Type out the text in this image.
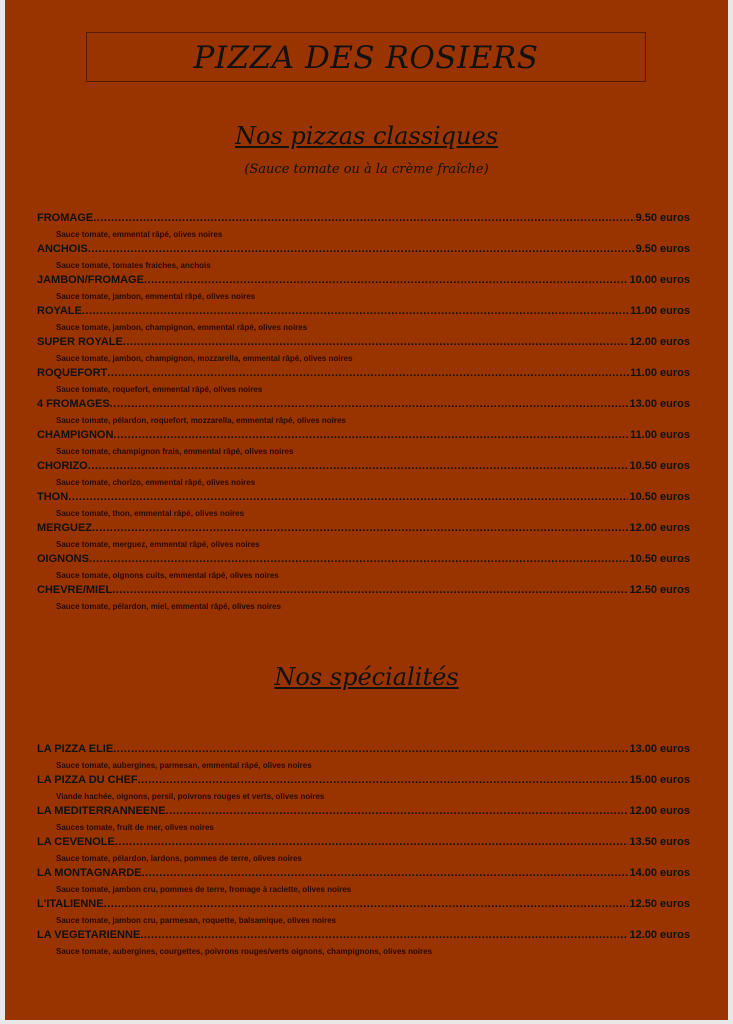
PIZZA DES ROSIERS
Nos pizzas classiques
(Sauce tomate ou à la crème fraîche)
FROMAGE .....	9.50 euros
Sauce tomate, emmental râpé, olives noires
ANCHOIS .....	9.50 euros
Sauce tomate, tomates fraiches, anchois
JAMBON/FROMAGE .....	10.00 euros
Sauce tomate, jambon, emmental râpé, olives noires
ROYALE .....	11.00 euros
Sauce tomate, jambon, champignon, emmental râpé, olives noires
SUPER ROYALE .....	12.00 euros
Sauce tomate, jambon, champignon, mozzarella, emmental râpé, olives noires
ROQUEFORT .....	11.00 euros
Sauce tomate, roquefort, emmental râpé, olives noires
4 FROMAGES .....	13.00 euros
Sauce tomate, pélardon, roquefort, mozzarella, emmental râpé, olives noires
CHAMPIGNON .....	11.00 euros
Sauce tomate, champignon frais, emmental râpé, olives noires
CHORIZO .....	10.50 euros
Sauce tomate, chorizo, emmental râpé, olives noires
THON .....	10.50 euros
Sauce tomate, thon, emmental râpé, olives noires
MERGUEZ .....	12.00 euros
Sauce tomate, merguez, emmental râpé, olives noires
OIGNONS .....	10.50 euros
Sauce tomate, oignons cuits, emmental râpé, olives noires
CHEVRE/MIEL .....	12.50 euros
Sauce tomate, pélardon, miel, emmental râpé, olives noires
Nos spécialités
LA PIZZA ELIE .....	13.00 euros
Sauce tomate, aubergines, parmesan, emmental râpé, olives noires
LA PIZZA DU CHEF .....	15.00 euros
Viande hachée, oignons, persil, poivrons rouges et verts, olives noires
LA MEDITERRANNEENE .....	12.00 euros
Sauces tomate, fruit de mer, olives noires
LA CEVENOLE .....	13.50 euros
Sauce tomate, pélardon, lardons, pommes de terre, olives noires
LA MONTAGNARDE .....	14.00 euros
Sauce tomate, jambon cru, pommes de terre, fromage à raclette, olives noires
L'ITALIENNE .....	12.50 euros
Sauce tomate, jambon cru, parmesan, roquette, balsamique, olives noires
LA VEGETARIENNE .....	12.00 euros
Sauce tomate, aubergines, courgettes, poivrons rouges/verts oignons, champignons, olives noires
